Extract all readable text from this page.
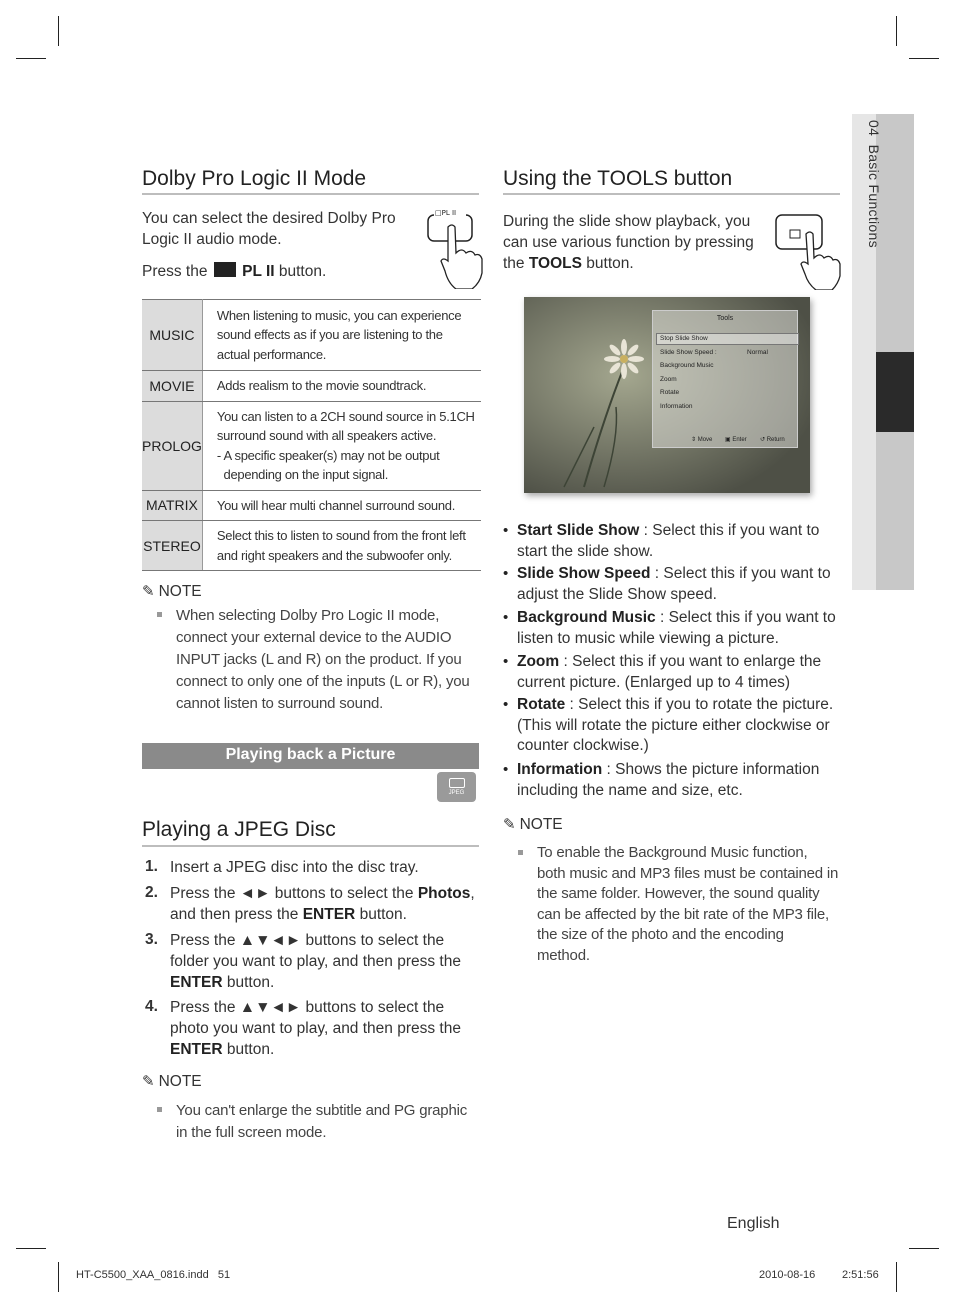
04  Basic Functions
Dolby Pro Logic II Mode
You can select the desired Dolby Pro
Logic II audio mode.
Press the PL II button.
□PL II
MUSIC	When listening to music, you can experience
sound effects as if you are listening to the
actual performance.

MOVIE	Adds realism to the movie soundtrack.

PROLOG	You can listen to a 2CH sound source in 5.1CH
surround sound with all speakers active.
- A specific speaker(s) may not be output
depending on the input signal.

MATRIX	You will hear multi channel surround sound.

STEREO	Select this to listen to sound from the front left
and right speakers and the subwoofer only.
✎ NOTE
When selecting Dolby Pro Logic II mode,
connect your external device to the AUDIO
INPUT jacks (L and R) on the product. If you
connect to only one of the inputs (L or R), you
cannot listen to surround sound.
Playing back a Picture
JPEG
Playing a JPEG Disc
1. Insert a JPEG disc into the disc tray.
2. Press the ◄► buttons to select the Photos,
and then press the ENTER button.
3. Press the ▲▼◄► buttons to select the
folder you want to play, and then press the
ENTER button.
4. Press the ▲▼◄► buttons to select the
photo you want to play, and then press the
ENTER button.
✎ NOTE
You can't enlarge the subtitle and PG graphic
in the full screen mode.
Using the TOOLS button
During the slide show playback, you
can use various function by pressing
the TOOLS button.
Tools
Stop Slide Show
Slide Show Speed :	Normal
Background Music
Zoom
Rotate
Information
⇕ Move ▣ Enter ↺ Return
• Start Slide Show : Select this if you want to
start the slide show.
• Slide Show Speed : Select this if you want to
adjust the Slide Show speed.
• Background Music : Select this if you want to
listen to music while viewing a picture.
• Zoom : Select this if you want to enlarge the
current picture. (Enlarged up to 4 times)
• Rotate : Select this if you to rotate the picture.
(This will rotate the picture either clockwise or
counter clockwise.)
• Information : Shows the picture information
including the name and size, etc.
✎ NOTE
To enable the Background Music function,
both music and MP3 files must be contained in
the same folder. However, the sound quality
can be affected by the bit rate of the MP3 file,
the size of the photo and the encoding
method.
English
HT-C5500_XAA_0816.indd   51	2010-08-16 2:51:56
